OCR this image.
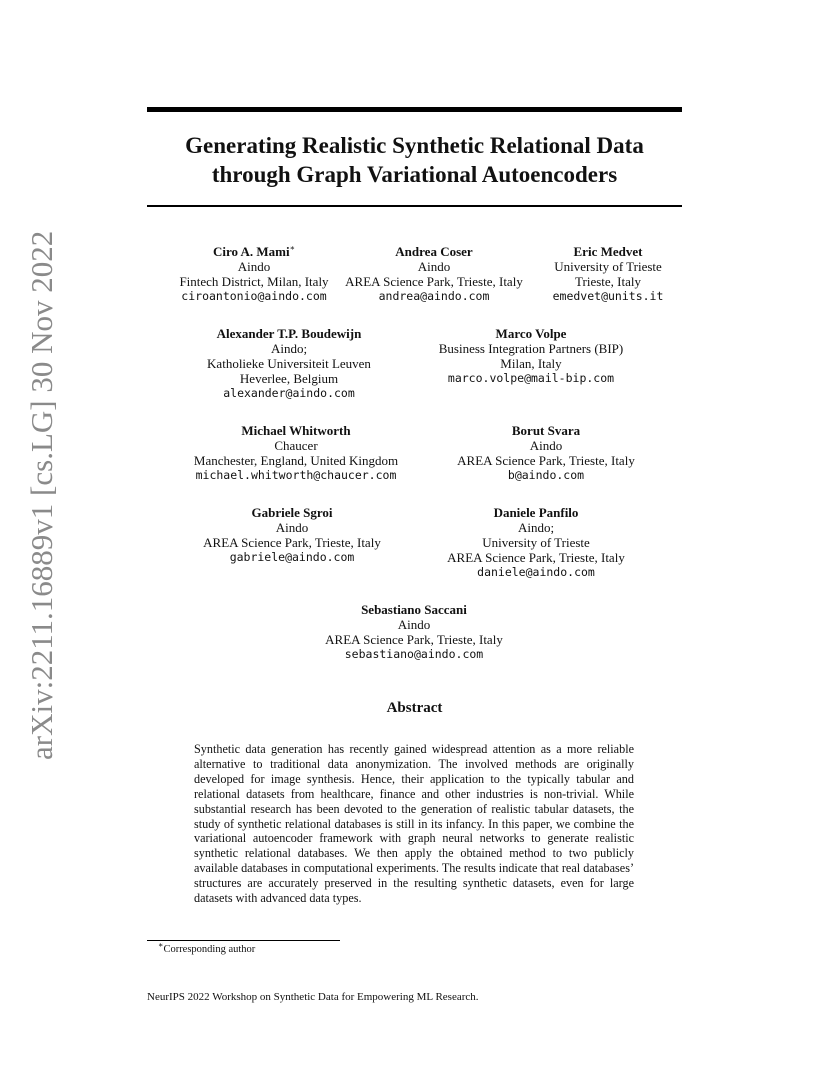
arXiv:2211.16889v1 [cs.LG] 30 Nov 2022
Generating Realistic Synthetic Relational Data
through Graph Variational Autoencoders
Ciro A. Mami∗
Aindo
Fintech District, Milan, Italy
ciroantonio@aindo.com
Andrea Coser
Aindo
AREA Science Park, Trieste, Italy
andrea@aindo.com
Eric Medvet
University of Trieste
Trieste, Italy
emedvet@units.it
Alexander T.P. Boudewijn
Aindo;
Katholieke Universiteit Leuven
Heverlee, Belgium
alexander@aindo.com
Marco Volpe
Business Integration Partners (BIP)
Milan, Italy
marco.volpe@mail-bip.com
Michael Whitworth
Chaucer
Manchester, England, United Kingdom
michael.whitworth@chaucer.com
Borut Svara
Aindo
AREA Science Park, Trieste, Italy
b@aindo.com
Gabriele Sgroi
Aindo
AREA Science Park, Trieste, Italy
gabriele@aindo.com
Daniele Panfilo
Aindo;
University of Trieste
AREA Science Park, Trieste, Italy
daniele@aindo.com
Sebastiano Saccani
Aindo
AREA Science Park, Trieste, Italy
sebastiano@aindo.com
Abstract
Synthetic data generation has recently gained widespread attention as a more reliable alternative to traditional data anonymization. The involved methods are originally developed for image synthesis. Hence, their application to the typically tabular and relational datasets from healthcare, finance and other industries is non-trivial. While substantial research has been devoted to the generation of realistic tabular datasets, the study of synthetic relational databases is still in its infancy. In this paper, we combine the variational autoencoder framework with graph neural networks to generate realistic synthetic relational databases. We then apply the obtained method to two publicly available databases in computational experiments. The results indicate that real databases’ structures are accurately preserved in the resulting synthetic datasets, even for large datasets with advanced data types.
∗Corresponding author
NeurIPS 2022 Workshop on Synthetic Data for Empowering ML Research.
